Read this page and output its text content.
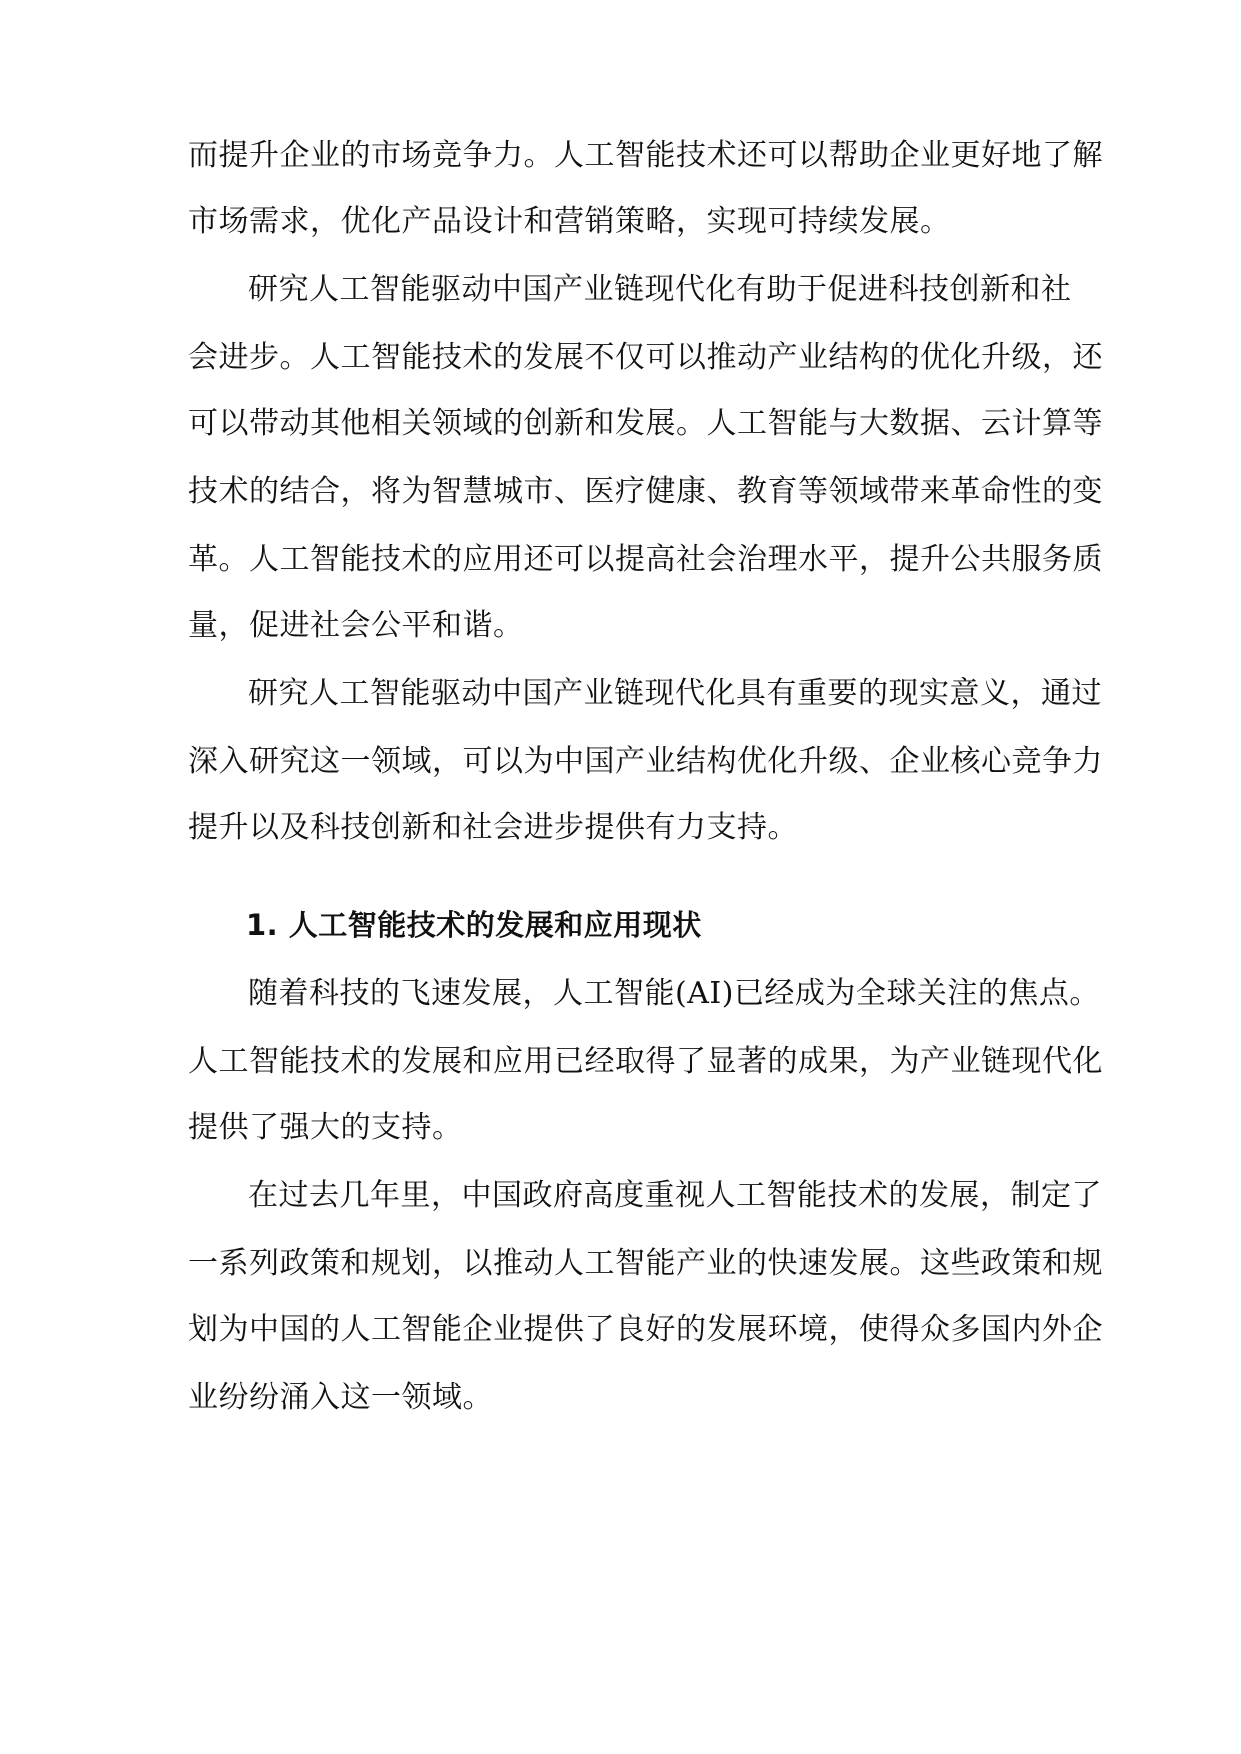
而提升企业的市场竞争力。人工智能技术还可以帮助企业更好地了解
市场需求，优化产品设计和营销策略，实现可持续发展。
研究人工智能驱动中国产业链现代化有助于促进科技创新和社
会进步。人工智能技术的发展不仅可以推动产业结构的优化升级，还
可以带动其他相关领域的创新和发展。人工智能与大数据、云计算等
技术的结合，将为智慧城市、医疗健康、教育等领域带来革命性的变
革。人工智能技术的应用还可以提高社会治理水平，提升公共服务质
量，促进社会公平和谐。
研究人工智能驱动中国产业链现代化具有重要的现实意义，通过
深入研究这一领域，可以为中国产业结构优化升级、企业核心竞争力
提升以及科技创新和社会进步提供有力支持。
1. 人工智能技术的发展和应用现状
随着科技的飞速发展，人工智能(AI)已经成为全球关注的焦点。
人工智能技术的发展和应用已经取得了显著的成果，为产业链现代化
提供了强大的支持。
在过去几年里，中国政府高度重视人工智能技术的发展，制定了
一系列政策和规划，以推动人工智能产业的快速发展。这些政策和规
划为中国的人工智能企业提供了良好的发展环境，使得众多国内外企
业纷纷涌入这一领域。
